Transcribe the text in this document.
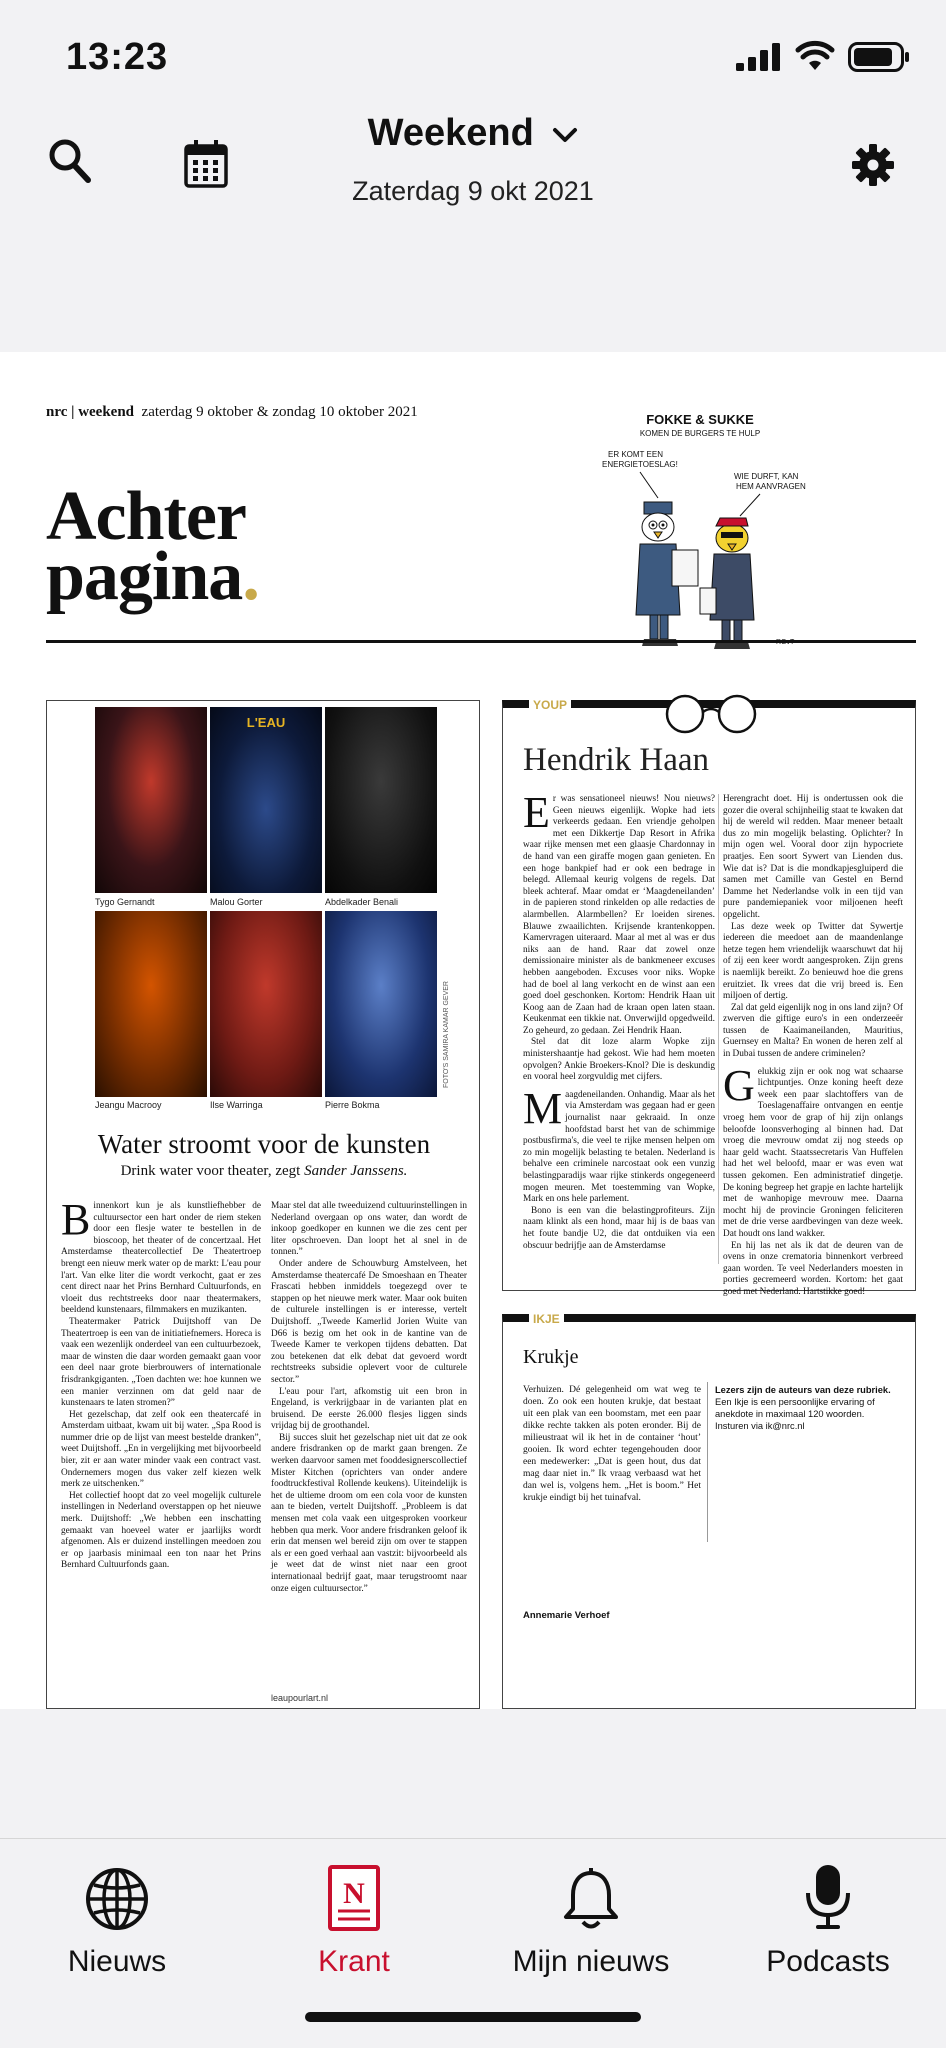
13:23
Weekend
Zaterdag 9 okt 2021
nrc | weekend zaterdag 9 oktober & zondag 10 oktober 2021
Achter
pagina.
FOKKE & SUKKE
KOMEN DE BURGERS TE HULP
ER KOMT EEN
ENERGIETOESLAG!
WIE DURFT, KAN
HEM AANVRAGEN
L'EAU
Tygo Gernandt	Malou Gorter	Abdelkader Benali
Jeangu Macrooy	Ilse Warringa	Pierre Bokma
FOTO'S SAMIRA KAMAR GEVER
Water stroomt voor de kunsten
Drink water voor theater, zegt Sander Janssens.
B innenkort kun je als kunstliefhebber de cultuursector een hart onder de riem steken door een flesje water te bestellen in de bioscoop, het theater of de concertzaal. Het Amsterdamse theatercollectief De Theatertroep brengt een nieuw merk water op de markt: L'eau pour l'art. Van elke liter die wordt verkocht, gaat er zes cent direct naar het Prins Bernhard Cultuurfonds, en vloeit dus rechtstreeks door naar theatermakers, beeldend kunstenaars, filmmakers en muzikanten.

Theatermaker Patrick Duijtshoff van De Theatertroep is een van de initiatiefnemers. Horeca is vaak een wezenlijk onderdeel van een cultuurbezoek, maar de winsten die daar worden gemaakt gaan voor een deel naar grote bierbrouwers of internationale frisdrankgiganten. „Toen dachten we: hoe kunnen we een manier verzinnen om dat geld naar de kunstenaars te laten stromen?”

Het gezelschap, dat zelf ook een theatercafé in Amsterdam uitbaat, kwam uit bij water. „Spa Rood is nummer drie op de lijst van meest bestelde dranken”, weet Duijtshoff. „En in vergelijking met bijvoorbeeld bier, zit er aan water minder vaak een contract vast. Ondernemers mogen dus vaker zelf kiezen welk merk ze uitschenken.”

Het collectief hoopt dat zo veel mogelijk culturele instellingen in Nederland overstappen op het nieuwe merk. Duijtshoff: „We hebben een inschatting gemaakt van hoeveel water er jaarlijks wordt afgenomen. Als er duizend instellingen meedoen zou er op jaarbasis minimaal een ton naar het Prins Bernhard Cultuurfonds gaan.

Maar stel dat alle tweeduizend cultuurinstellingen in Nederland overgaan op ons water, dan wordt de inkoop goedkoper en kunnen we die zes cent per liter opschroeven. Dan loopt het al snel in de tonnen.”

Onder andere de Schouwburg Amstelveen, het Amsterdamse theatercafé De Smoeshaan en Theater Frascati hebben inmiddels toegezegd over te stappen op het nieuwe merk water. Maar ook buiten de culturele instellingen is er interesse, vertelt Duijtshoff. „Tweede Kamerlid Jorien Wuite van D66 is bezig om het ook in de kantine van de Tweede Kamer te verkopen tijdens debatten. Dat zou betekenen dat elk debat dat gevoerd wordt rechtstreeks subsidie oplevert voor de culturele sector.”

L'eau pour l'art, afkomstig uit een bron in Engeland, is verkrijgbaar in de varianten plat en bruisend. De eerste 26.000 flesjes liggen sinds vrijdag bij de groothandel.

Bij succes sluit het gezelschap niet uit dat ze ook andere frisdranken op de markt gaan brengen. Ze werken daarvoor samen met fooddesignerscollectief Mister Kitchen (oprichters van onder andere foodtruckfestival Rollende keukens). Uiteindelijk is het de ultieme droom om een cola voor de kunsten aan te bieden, vertelt Duijtshoff. „Probleem is dat mensen met cola vaak een uitgesproken voorkeur hebben qua merk. Voor andere frisdranken geloof ik erin dat mensen wel bereid zijn om over te stappen als er een goed verhaal aan vastzit: bijvoorbeeld als je weet dat de winst niet naar een groot internationaal bedrijf gaat, maar terugstroomt naar onze eigen cultuursector.”

leaupourlart.nl
YOUP
Hendrik Haan
E r was sensationeel nieuws! Nou nieuws? Geen nieuws eigenlijk. Wopke had iets verkeerds gedaan. Een vriendje geholpen met een Dikkertje Dap Resort in Afrika waar rijke mensen met een glaasje Chardonnay in de hand van een giraffe mogen gaan genieten. En een hoge bankpief had er ook een bedrage in belegd. Allemaal keurig volgens de regels. Dat bleek achteraf. Maar omdat er ‘Maagdeneilanden’ in de papieren stond rinkelden op alle redacties de alarmbellen. Alarmbellen? Er loeiden sirenes. Blauwe zwaailichten. Krijsende krantenkoppen. Kamervragen uiteraard. Maar al met al was er dus niks aan de hand. Raar dat zowel onze demissionaire minister als de bankmeneer excuses hebben aangeboden. Excuses voor niks. Wopke had de boel al lang verkocht en de winst aan een goed doel geschonken. Kortom: Hendrik Haan uit Koog aan de Zaan had de kraan open laten staan. Keukenmat een tikkie nat. Onverwijld opgedweild. Zo geheurd, zo gedaan. Zei Hendrik Haan.

Stel dat dit loze alarm Wopke zijn ministershaantje had gekost. Wie had hem moeten opvolgen? Ankie Broekers-Knol? Die is deskundig en vooral heel zorgvuldig met cijfers.

Maagdeneilanden. Onhandig. Maar als het via Amsterdam was gegaan had er geen journalist naar gekraaid. In onze hoofdstad barst het van de schimmige postbusfirma's, die veel te rijke mensen helpen om zo min mogelijk belasting te betalen. Nederland is behalve een criminele narcostaat ook een vunzig belastingparadijs waar rijke stinkerds ongegeneerd mogen meuren. Met toestemming van Wopke, Mark en ons hele parlement.

Bono is een van die belastingprofiteurs. Zijn naam klinkt als een hond, maar hij is de baas van het foute bandje U2, die dat ontduiken via een obscuur bedrijfje aan de Amsterdamse

Herengracht doet. Hij is ondertussen ook die gozer die overal schijnheilig staat te kwaken dat hij de wereld wil redden. Maar meneer betaalt dus zo min mogelijk belasting. Oplichter? In mijn ogen wel. Vooral door zijn hypocriete praatjes. Een soort Sywert van Lienden dus. Wie dat is? Dat is die mondkapjesgluiperd die samen met Camille van Gestel en Bernd Damme het Nederlandse volk in een tijd van pure pandemiepaniek voor miljoenen heeft opgelicht.

Las deze week op Twitter dat Sywertje iedereen die meedoet aan de maandenlange hetze tegen hem vriendelijk waarschuwt dat hij of zij een keer wordt aangesproken. Zijn grens is naemlijk bereikt. Zo benieuwd hoe die grens eruitziet. Ik vrees dat die vrij breed is. Een miljoen of dertig.

Zal dat geld eigenlijk nog in ons land zijn? Of zwerven die giftige euro's in een onderzeeër tussen de Kaaimaneilanden, Mauritius, Guernsey en Malta? En wonen de heren zelf al in Dubai tussen de andere criminelen?

Gelukkig zijn er ook nog wat schaarse lichtpuntjes. Onze koning heeft deze week een paar slachtoffers van de Toeslagenaffaire ontvangen en eentje vroeg hem voor de grap of hij zijn onlangs beloofde loonsverhoging al binnen had. Dat vroeg die mevrouw omdat zij nog steeds op haar geld wacht. Staatssecretaris Van Huffelen had het wel beloofd, maar er was even wat tussen gekomen. Een administratief dingetje. De koning begreep het grapje en lachte hartelijk met de wanhopige mevrouw mee. Daarna mocht hij de provincie Groningen feliciteren met de drie verse aardbevingen van deze week. Dat houdt ons land wakker.

En hij las net als ik dat de deuren van de ovens in onze crematoria binnenkort verbreed gaan worden. Te veel Nederlanders moesten in porties gecremeerd worden. Kortom: het gaat goed met Nederland. Hartstikke goed!

IKJE
Krukje
Verhuizen. Dé gelegenheid om wat weg te doen. Zo ook een houten krukje, dat bestaat uit een plak van een boomstam, met een paar dikke rechte takken als poten eronder. Bij de milieustraat wil ik het in de container ‘hout’ gooien. Ik word echter tegengehouden door een medewerker: „Dat is geen hout, dus dat mag daar niet in.” Ik vraag verbaasd wat het dan wel is, volgens hem. „Het is boom.” Het krukje eindigt bij het tuinafval.
Lezers zijn de auteurs van deze rubriek. Een Ikje is een persoonlijke ervaring of anekdote in maximaal 120 woorden.
Insturen via ik@nrc.nl
Annemarie Verhoef
Nieuws
N
Krant	Mijn nieuws	Podcasts
